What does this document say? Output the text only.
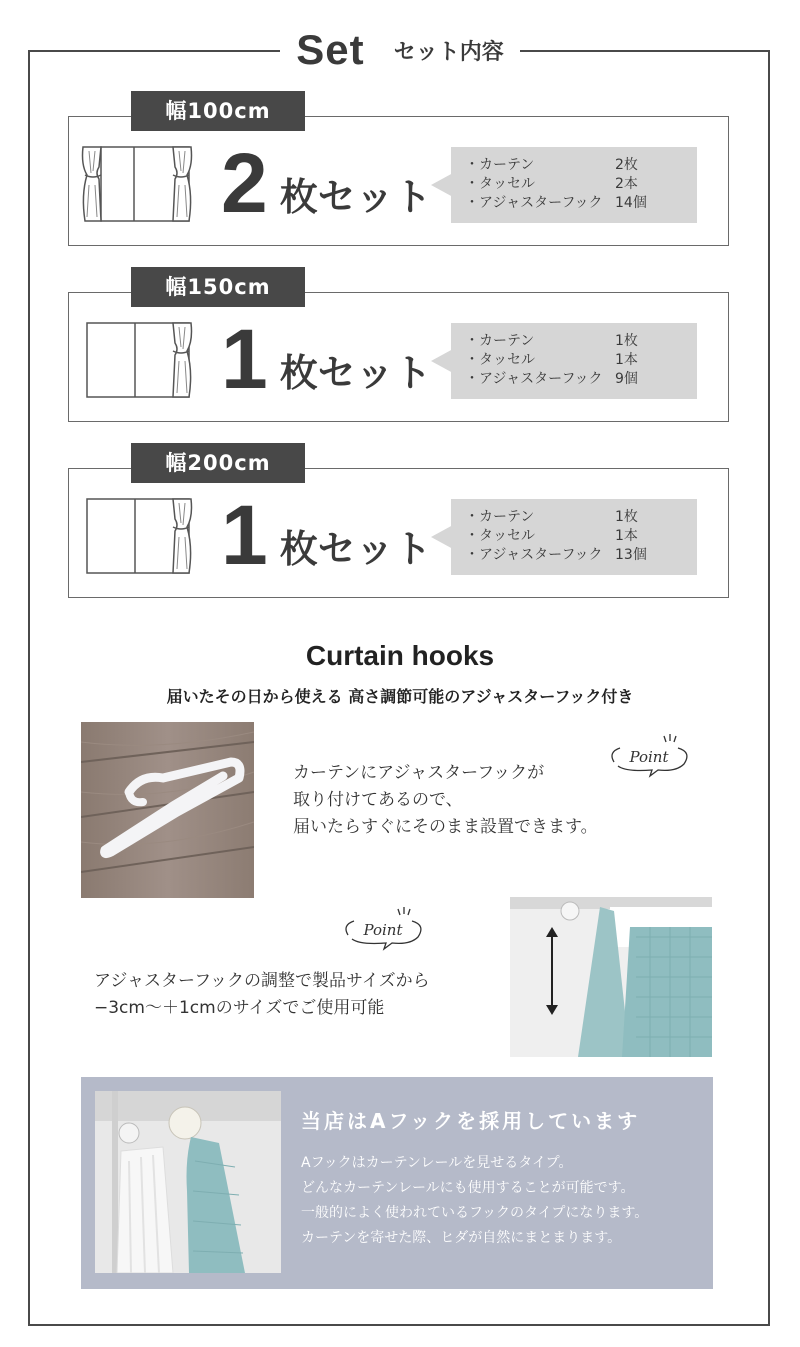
Set セット内容
幅100cm
2 枚セット
・カーテン	2枚
・タッセル	2本
・アジャスターフック 14個
幅150cm
1 枚セット
・カーテン	1枚
・タッセル	1本
・アジャスターフック 9個
幅200cm
1 枚セット
・カーテン	1枚
・タッセル	1本
・アジャスターフック 13個
Curtain hooks
届いたその日から使える 高さ調節可能のアジャスターフック付き
カーテンにアジャスターフックが
取り付けてあるので、
届いたらすぐにそのまま設置できます。
Point
Point
アジャスターフックの調整で製品サイズから
−3cm〜＋1cmのサイズでご使用可能
当店はAフックを採用しています
Aフックはカーテンレールを見せるタイプ。
どんなカーテンレールにも使用することが可能です。
一般的によく使われているフックのタイプになります。
カーテンを寄せた際、ヒダが自然にまとまります。
